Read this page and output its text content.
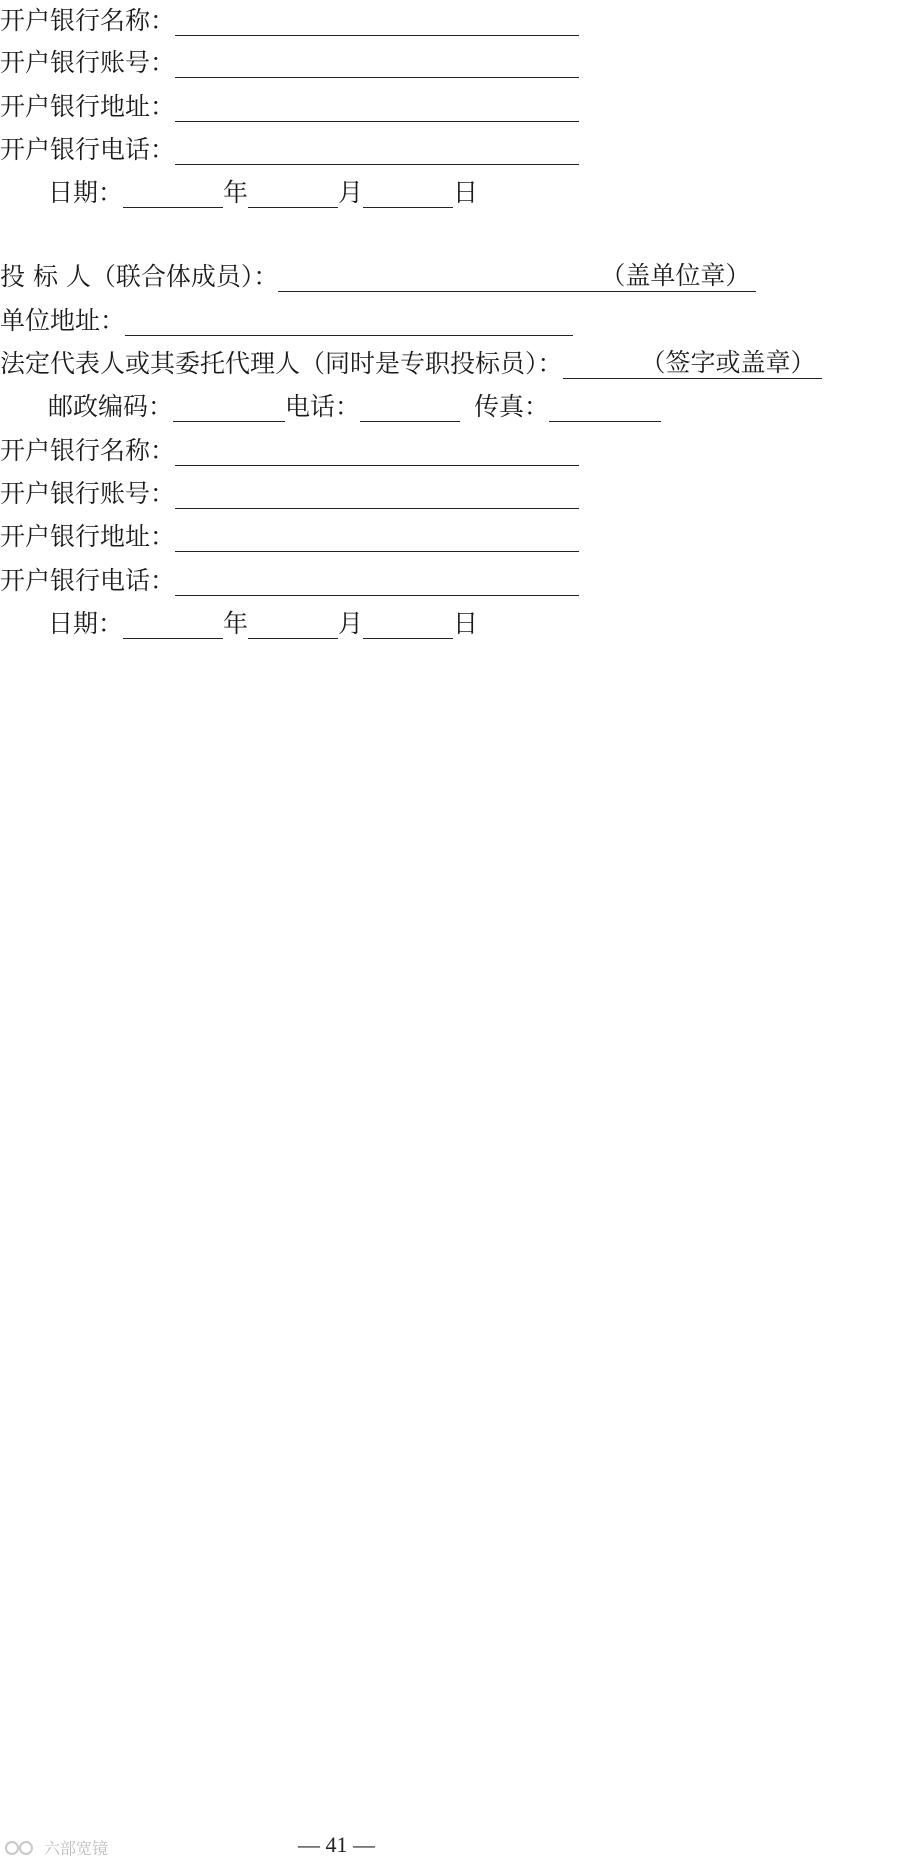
开户银行名称：
开户银行账号：
开户银行地址：
开户银行电话：
日期：	年	月	日
投 标 人（联合体成员）：	（盖单位章）
单位地址：
法定代表人或其委托代理人（同时是专职投标员）：	（签字或盖章）
邮政编码：	电话：	传真：
开户银行名称：
开户银行账号：
开户银行地址：
开户银行电话：
日期：	年	月	日
六部宽镜	— 41 —
